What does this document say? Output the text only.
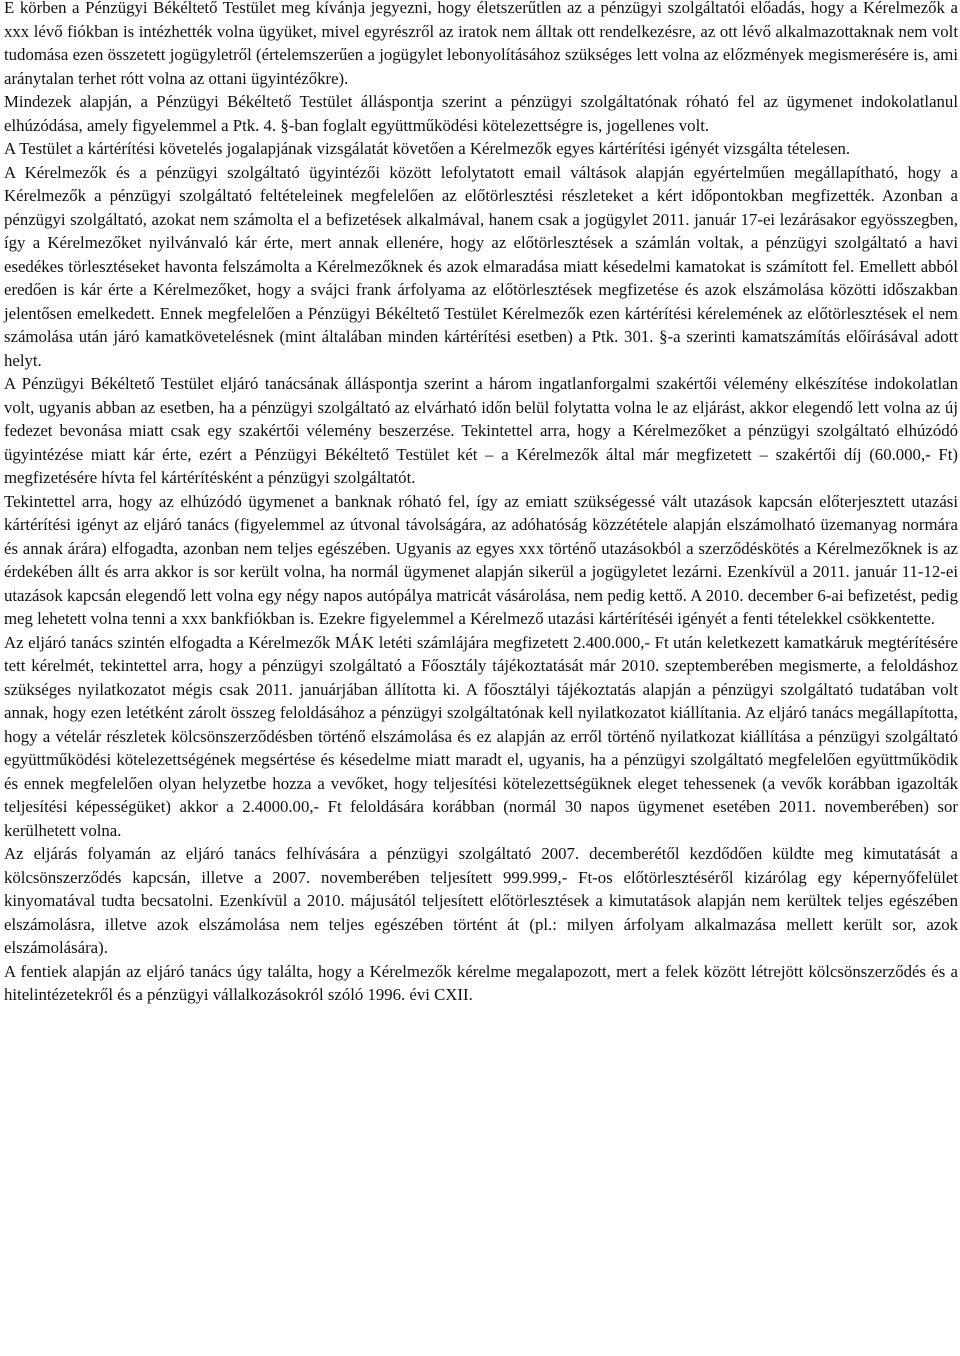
E körben a Pénzügyi Békéltető Testület meg kívánja jegyezni, hogy életszerűtlen az a pénzügyi szolgáltatói előadás, hogy a Kérelmezők a xxx lévő fiókban is intézhették volna ügyüket, mivel egyrészről az iratok nem álltak ott rendelkezésre, az ott lévő alkalmazottaknak nem volt tudomása ezen összetett jogügyletről (értelemszerűen a jogügylet lebonyolításához szükséges lett volna az előzmények megismerésére is, ami aránytalan terhet rótt volna az ottani ügyintézőkre).

Mindezek alapján, a Pénzügyi Békéltető Testület álláspontja szerint a pénzügyi szolgáltatónak róható fel az ügymenet indokolatlanul elhúzódása, amely figyelemmel a Ptk. 4. §-ban foglalt együttműködési kötelezettségre is, jogellenes volt.

A Testület a kártérítési követelés jogalapjának vizsgálatát követően a Kérelmezők egyes kártérítési igényét vizsgálta tételesen.

A Kérelmezők és a pénzügyi szolgáltató ügyintézői között lefolytatott email váltások alapján egyértelműen megállapítható, hogy a Kérelmezők a pénzügyi szolgáltató feltételeinek megfelelően az előtörlesztési részleteket a kért időpontokban megfizették. Azonban a pénzügyi szolgáltató, azokat nem számolta el a befizetések alkalmával, hanem csak a jogügylet 2011. január 17-ei lezárásakor egyösszegben, így a Kérelmezőket nyilvánvaló kár érte, mert annak ellenére, hogy az előtörlesztések a számlán voltak, a pénzügyi szolgáltató a havi esedékes törlesztéseket havonta felszámolta a Kérelmezőknek és azok elmaradása miatt késedelmi kamatokat is számított fel. Emellett abból eredően is kár érte a Kérelmezőket, hogy a svájci frank árfolyama az előtörlesztések megfizetése és azok elszámolása közötti időszakban jelentősen emelkedett. Ennek megfelelően a Pénzügyi Békéltető Testület Kérelmezők ezen kártérítési kérelemének az előtörlesztések el nem számolása után járó kamatkövetelésnek (mint általában minden kártérítési esetben) a Ptk. 301. §-a szerinti kamatszámítás előírásával adott helyt.

A Pénzügyi Békéltető Testület eljáró tanácsának álláspontja szerint a három ingatlanforgalmi szakértői vélemény elkészítése indokolatlan volt, ugyanis abban az esetben, ha a pénzügyi szolgáltató az elvárható időn belül folytatta volna le az eljárást, akkor elegendő lett volna az új fedezet bevonása miatt csak egy szakértői vélemény beszerzése. Tekintettel arra, hogy a Kérelmezőket a pénzügyi szolgáltató elhúzódó ügyintézése miatt kár érte, ezért a Pénzügyi Békéltető Testület két – a Kérelmezők által már megfizetett – szakértői díj (60.000,- Ft) megfizetésére hívta fel kártérítésként a pénzügyi szolgáltatót.

Tekintettel arra, hogy az elhúzódó ügymenet a banknak róható fel, így az emiatt szükségessé vált utazások kapcsán előterjesztett utazási kártérítési igényt az eljáró tanács (figyelemmel az útvonal távolságára, az adóhatóság közzététele alapján elszámolható üzemanyag normára és annak árára) elfogadta, azonban nem teljes egészében. Ugyanis az egyes xxx történő utazásokból a szerződéskötés a Kérelmezőknek is az érdekében állt és arra akkor is sor került volna, ha normál ügymenet alapján sikerül a jogügyletet lezárni. Ezenkívül a 2011. január 11-12-ei utazások kapcsán elegendő lett volna egy négy napos autópálya matricát vásárolása, nem pedig kettő. A 2010. december 6-ai befizetést, pedig meg lehetett volna tenni a xxx bankfiókban is. Ezekre figyelemmel a Kérelmező utazási kártérítéséi igényét a fenti tételekkel csökkentette.

Az eljáró tanács szintén elfogadta a Kérelmezők MÁK letéti számlájára megfizetett 2.400.000,- Ft után keletkezett kamatkáruk megtérítésére tett kérelmét, tekintettel arra, hogy a pénzügyi szolgáltató a Főosztály tájékoztatását már 2010. szeptemberében megismerte, a feloldáshoz szükséges nyilatkozatot mégis csak 2011. januárjában állította ki. A főosztályi tájékoztatás alapján a pénzügyi szolgáltató tudatában volt annak, hogy ezen letétként zárolt összeg feloldásához a pénzügyi szolgáltatónak kell nyilatkozatot kiállítania. Az eljáró tanács megállapította, hogy a vételár részletek kölcsönszerződésben történő elszámolása és ez alapján az erről történő nyilatkozat kiállítása a pénzügyi szolgáltató együttműködési kötelezettségének megsértése és késedelme miatt maradt el, ugyanis, ha a pénzügyi szolgáltató megfelelően együttműködik és ennek megfelelően olyan helyzetbe hozza a vevőket, hogy teljesítési kötelezettségüknek eleget tehessenek (a vevők korábban igazolták teljesítési képességüket) akkor a 2.4000.00,- Ft feloldására korábban (normál 30 napos ügymenet esetében 2011. novemberében) sor kerülhetett volna.

Az eljárás folyamán az eljáró tanács felhívására a pénzügyi szolgáltató 2007. decemberétől kezdődően küldte meg kimutatását a kölcsönszerződés kapcsán, illetve a 2007. novemberében teljesített 999.999,- Ft-os előtörlesztéséről kizárólag egy képernyőfelület kinyomatával tudta becsatolni. Ezenkívül a 2010. májusától teljesített előtörlesztések a kimutatások alapján nem kerültek teljes egészében elszámolásra, illetve azok elszámolása nem teljes egészében történt át (pl.: milyen árfolyam alkalmazása mellett került sor, azok elszámolására).

A fentiek alapján az eljáró tanács úgy találta, hogy a Kérelmezők kérelme megalapozott, mert a felek között létrejött kölcsönszerződés és a hitelintézetekről és a pénzügyi vállalkozásokról szóló 1996. évi CXII.
